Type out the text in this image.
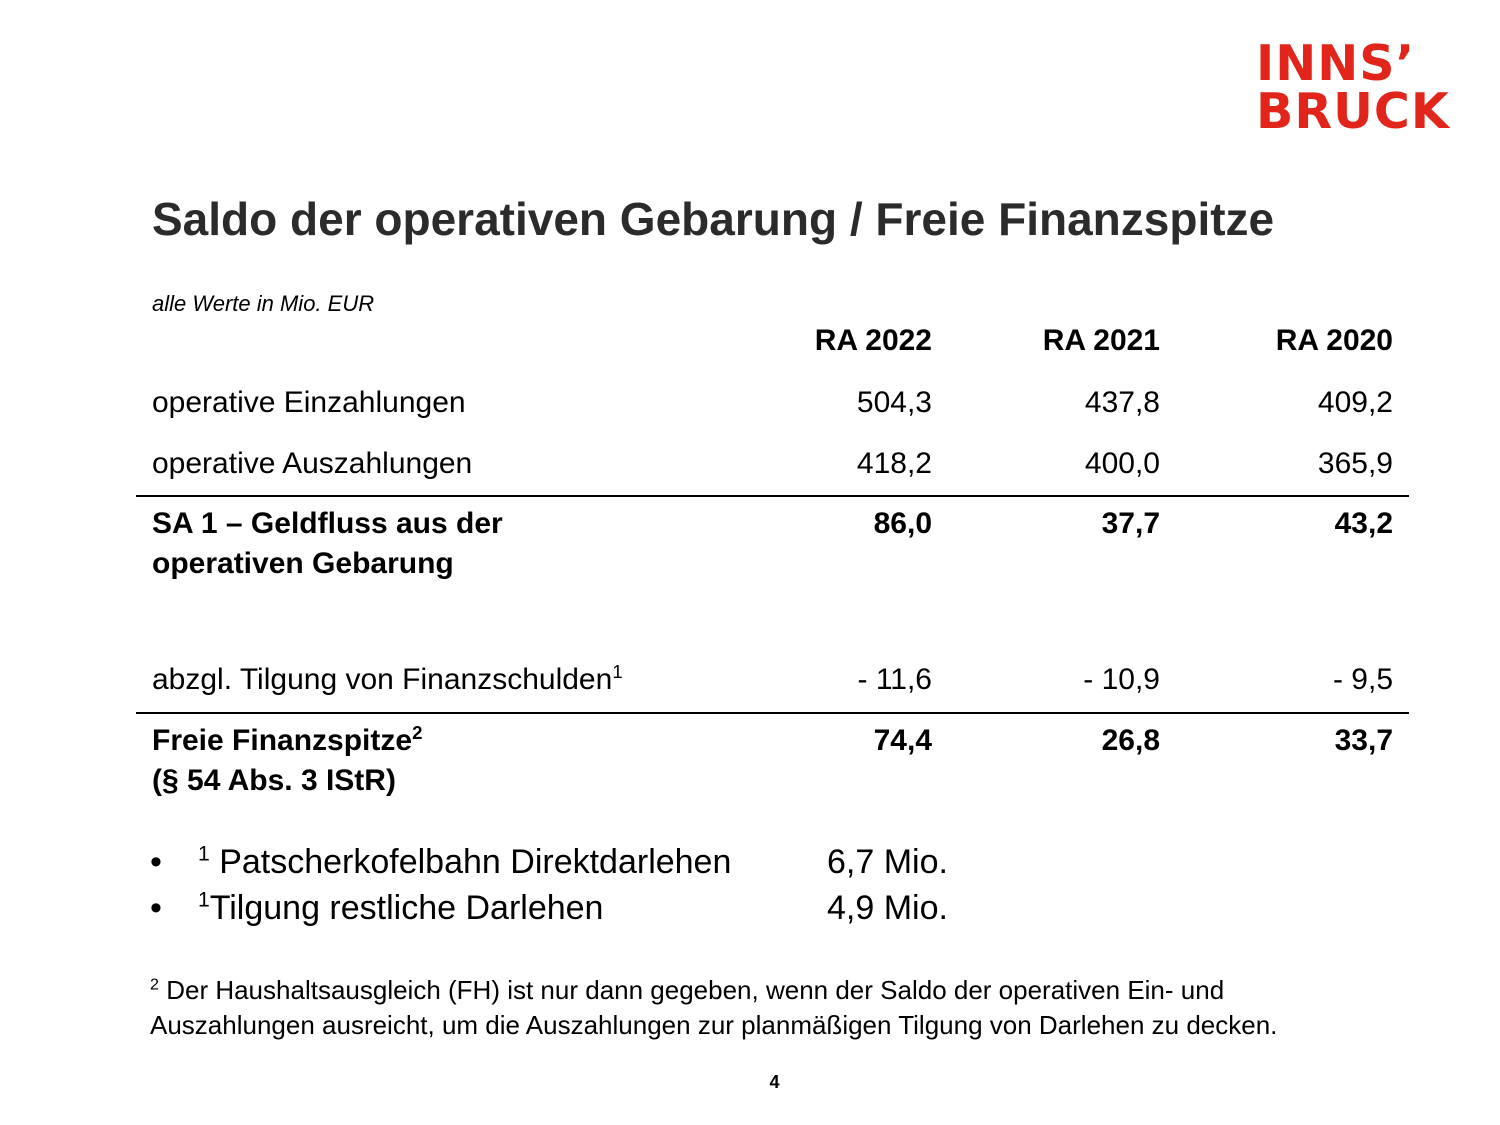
INNS’
BRUCK
Saldo der operativen Gebarung / Freie Finanzspitze
alle Werte in Mio. EUR
RA 2022	RA 2021	RA 2020
operative Einzahlungen	504,3	437,8	409,2
operative Auszahlungen	418,2	400,0	365,9
SA 1 – Geldfluss aus der
operativen Gebarung
86,0	37,7	43,2
abzgl. Tilgung von Finanzschulden$^1$	- 11,6	- 10,9	- 9,5
Freie Finanzspitze$^2$
(§ 54 Abs. 3 IStR)
74,4	26,8	33,7
• $^1$ Patscherkofelbahn Direktdarlehen	6,7 Mio.
• $^1$Tilgung restliche Darlehen	4,9 Mio.
$^2$ Der Haushaltsausgleich (FH) ist nur dann gegeben, wenn der Saldo der operativen Ein- und
Auszahlungen ausreicht, um die Auszahlungen zur planmäßigen Tilgung von Darlehen zu decken.
4
